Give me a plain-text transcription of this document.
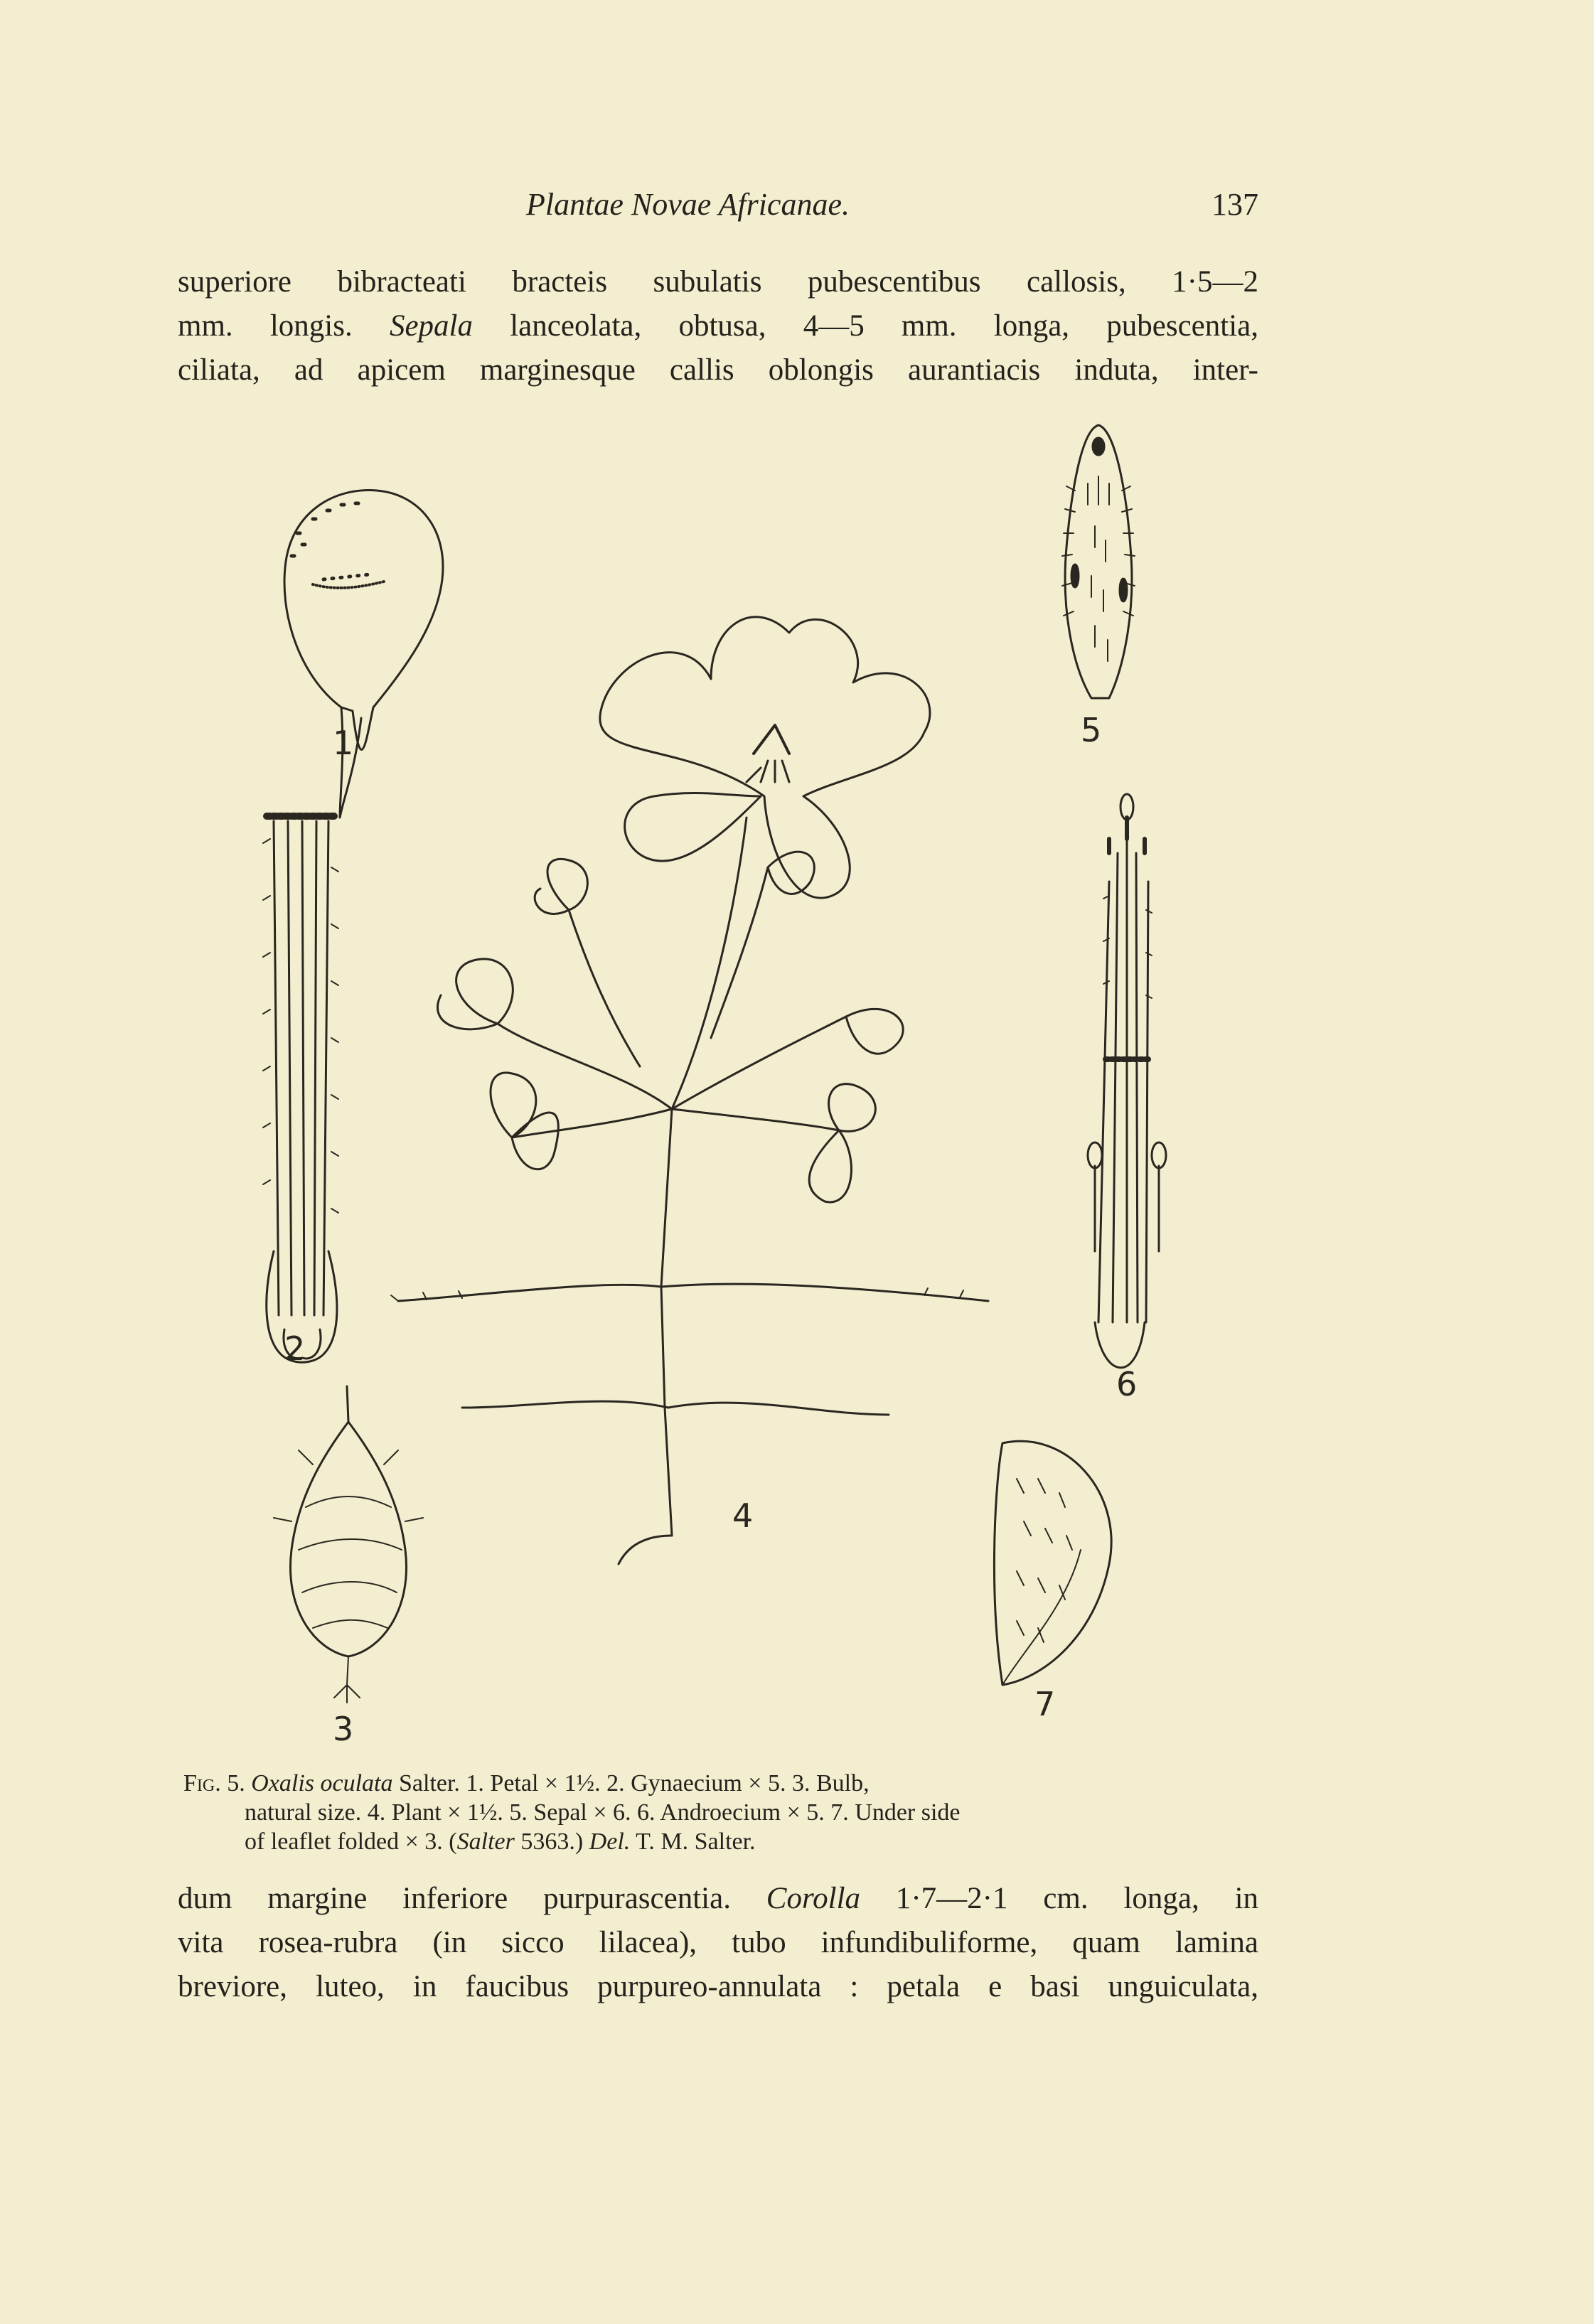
Plantae Novae Africanae.	137
superiore bibracteati bracteis subulatis pubescentibus callosis, 1·5—2
mm. longis. Sepala lanceolata, obtusa, 4—5 mm. longa, pubescentia,
ciliata, ad apicem marginesque callis oblongis aurantiacis induta, inter-
1	5
2
6
4
3
7
Fig. 5. Oxalis oculata Salter. 1. Petal × 1½. 2. Gynaecium × 5. 3. Bulb,
natural size. 4. Plant × 1½. 5. Sepal × 6. 6. Androecium × 5. 7. Under side
of leaflet folded × 3. (Salter 5363.) Del. T. M. Salter.
dum margine inferiore purpurascentia. Corolla 1·7—2·1 cm. longa, in
vita rosea-rubra (in sicco lilacea), tubo infundibuliforme, quam lamina
breviore, luteo, in faucibus purpureo-annulata : petala e basi unguiculata,
